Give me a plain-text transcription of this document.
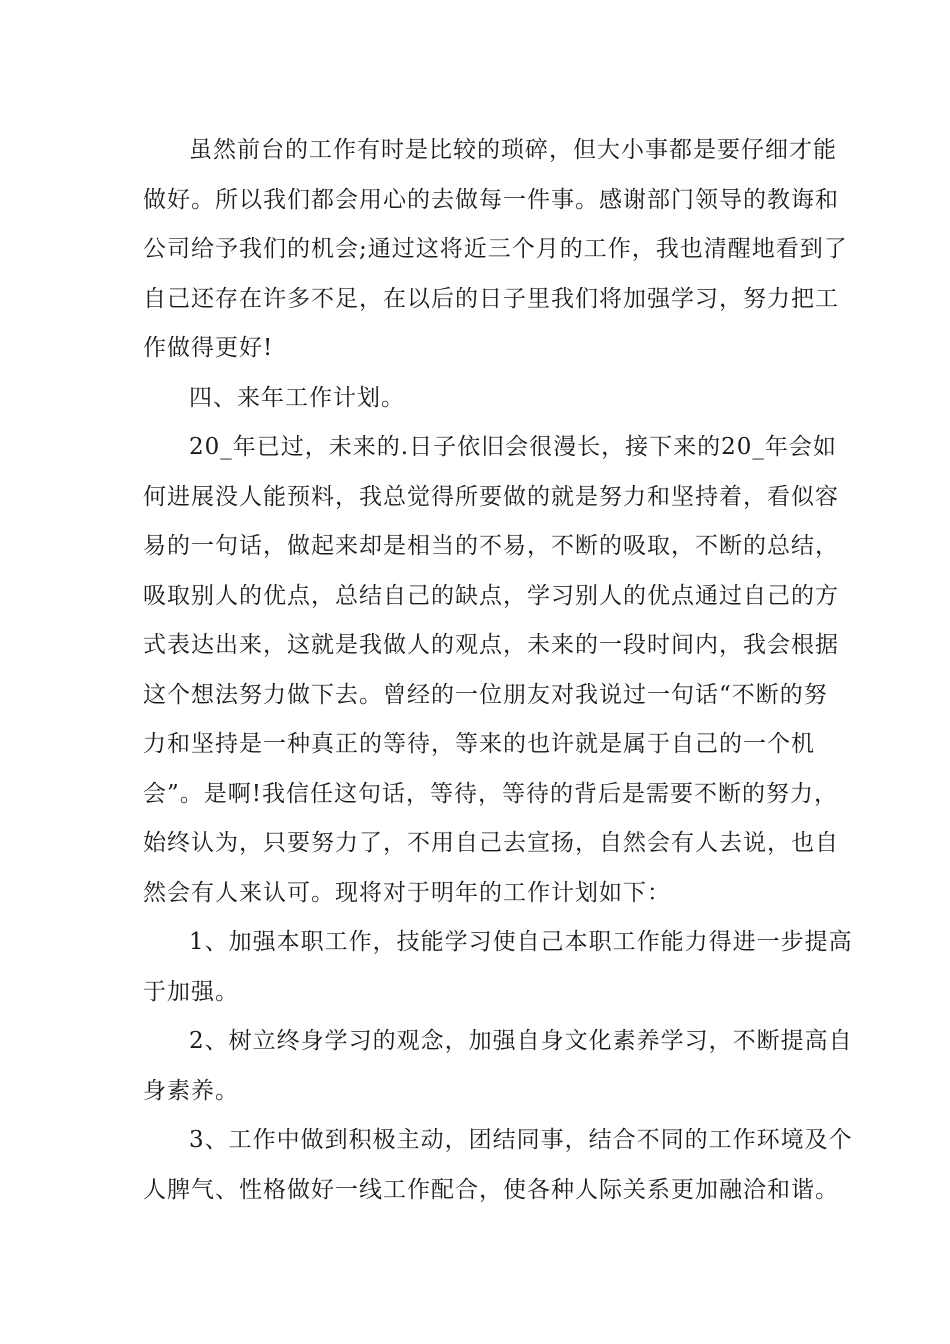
虽然前台的工作有时是比较的琐碎，但大小事都是要仔细才能
做好。所以我们都会用心的去做每一件事。感谢部门领导的教诲和
公司给予我们的机会;通过这将近三个月的工作，我也清醒地看到了
自己还存在许多不足，在以后的日子里我们将加强学习，努力把工
作做得更好!
四、来年工作计划。
20_年已过，未来的.日子依旧会很漫长，接下来的20_年会如
何进展没人能预料，我总觉得所要做的就是努力和坚持着，看似容
易的一句话，做起来却是相当的不易，不断的吸取，不断的总结，
吸取别人的优点，总结自己的缺点，学习别人的优点通过自己的方
式表达出来，这就是我做人的观点，未来的一段时间内，我会根据
这个想法努力做下去。曾经的一位朋友对我说过一句话“不断的努
力和坚持是一种真正的等待，等来的也许就是属于自己的一个机
会”。是啊!我信任这句话，等待，等待的背后是需要不断的努力，
始终认为，只要努力了，不用自己去宣扬，自然会有人去说，也自
然会有人来认可。现将对于明年的工作计划如下：
1、加强本职工作，技能学习使自己本职工作能力得进一步提高
于加强。
2、树立终身学习的观念，加强自身文化素养学习，不断提高自
身素养。
3、工作中做到积极主动，团结同事，结合不同的工作环境及个
人脾气、性格做好一线工作配合，使各种人际关系更加融洽和谐。
